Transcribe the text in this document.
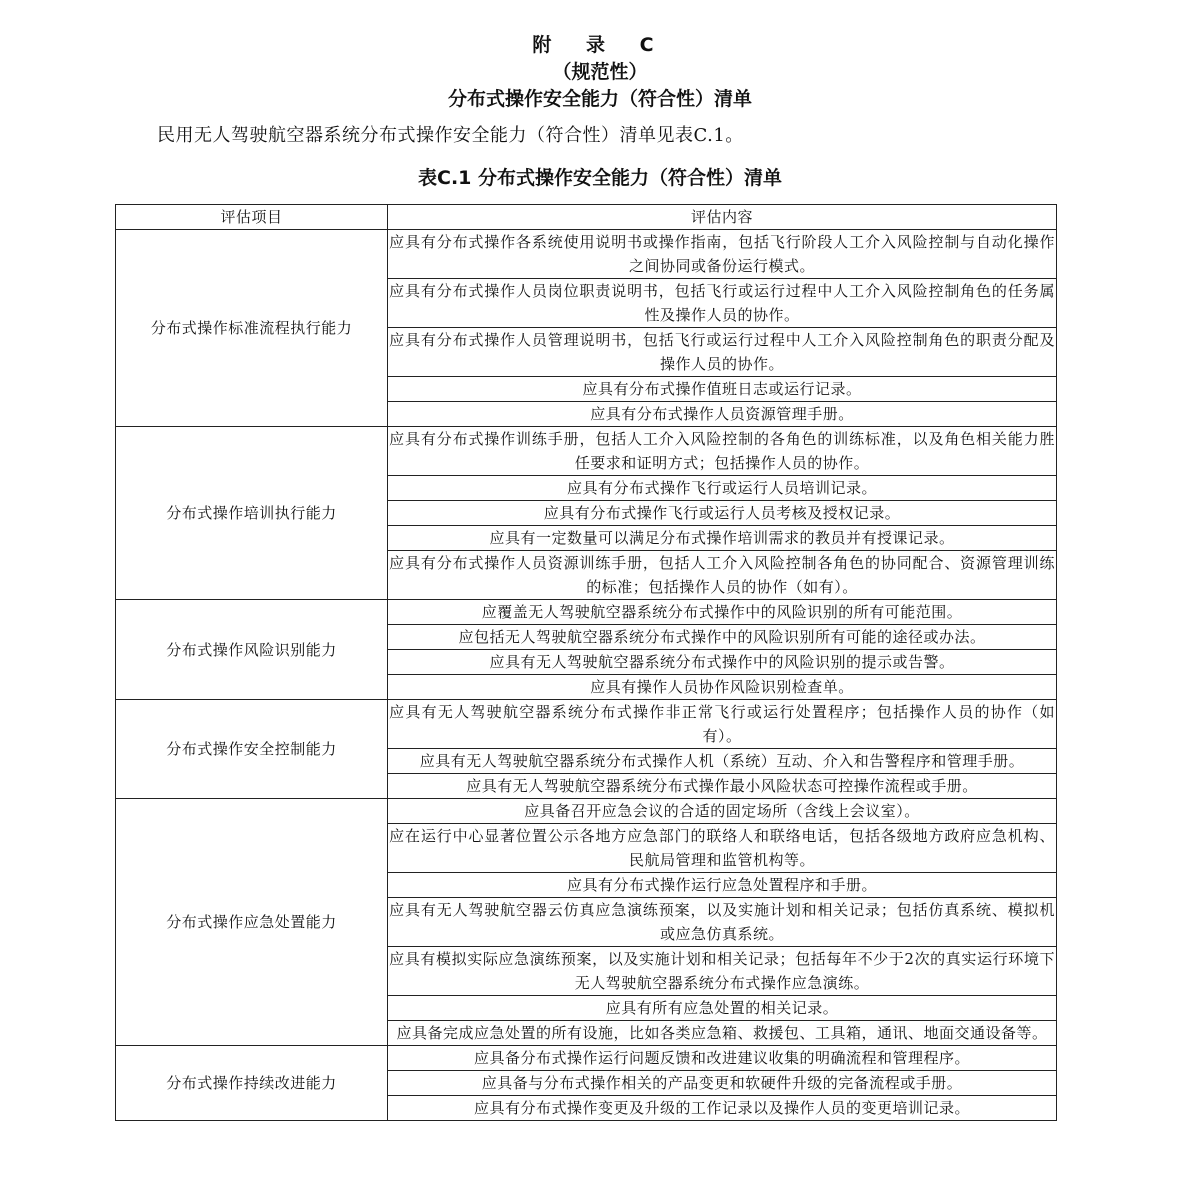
附 录 C
（规范性）
分布式操作安全能力（符合性）清单
民用无人驾驶航空器系统分布式操作安全能力（符合性）清单见表C.1。
表C.1 分布式操作安全能力（符合性）清单
评估项目	评估内容
分布式操作标准流程执行能力	应具有分布式操作各系统使用说明书或操作指南，包括飞行阶段人工介入风险控制与自动化操作之间协同或备份运行模式。
	应具有分布式操作人员岗位职责说明书，包括飞行或运行过程中人工介入风险控制角色的任务属性及操作人员的协作。
	应具有分布式操作人员管理说明书，包括飞行或运行过程中人工介入风险控制角色的职责分配及操作人员的协作。
	应具有分布式操作值班日志或运行记录。
	应具有分布式操作人员资源管理手册。
分布式操作培训执行能力	应具有分布式操作训练手册，包括人工介入风险控制的各角色的训练标准，以及角色相关能力胜任要求和证明方式；包括操作人员的协作。
	应具有分布式操作飞行或运行人员培训记录。
	应具有分布式操作飞行或运行人员考核及授权记录。
	应具有一定数量可以满足分布式操作培训需求的教员并有授课记录。
	应具有分布式操作人员资源训练手册，包括人工介入风险控制各角色的协同配合、资源管理训练的标准；包括操作人员的协作（如有）。
分布式操作风险识别能力	应覆盖无人驾驶航空器系统分布式操作中的风险识别的所有可能范围。
	应包括无人驾驶航空器系统分布式操作中的风险识别所有可能的途径或办法。
	应具有无人驾驶航空器系统分布式操作中的风险识别的提示或告警。
	应具有操作人员协作风险识别检查单。
分布式操作安全控制能力	应具有无人驾驶航空器系统分布式操作非正常飞行或运行处置程序；包括操作人员的协作（如有）。
	应具有无人驾驶航空器系统分布式操作人机（系统）互动、介入和告警程序和管理手册。
	应具有无人驾驶航空器系统分布式操作最小风险状态可控操作流程或手册。
分布式操作应急处置能力	应具备召开应急会议的合适的固定场所（含线上会议室）。
	应在运行中心显著位置公示各地方应急部门的联络人和联络电话，包括各级地方政府应急机构、民航局管理和监管机构等。
	应具有分布式操作运行应急处置程序和手册。
	应具有无人驾驶航空器云仿真应急演练预案，以及实施计划和相关记录；包括仿真系统、模拟机或应急仿真系统。
	应具有模拟实际应急演练预案，以及实施计划和相关记录；包括每年不少于2次的真实运行环境下无人驾驶航空器系统分布式操作应急演练。
	应具有所有应急处置的相关记录。
	应具备完成应急处置的所有设施，比如各类应急箱、救援包、工具箱，通讯、地面交通设备等。
分布式操作持续改进能力	应具备分布式操作运行问题反馈和改进建议收集的明确流程和管理程序。
	应具备与分布式操作相关的产品变更和软硬件升级的完备流程或手册。
	应具有分布式操作变更及升级的工作记录以及操作人员的变更培训记录。
